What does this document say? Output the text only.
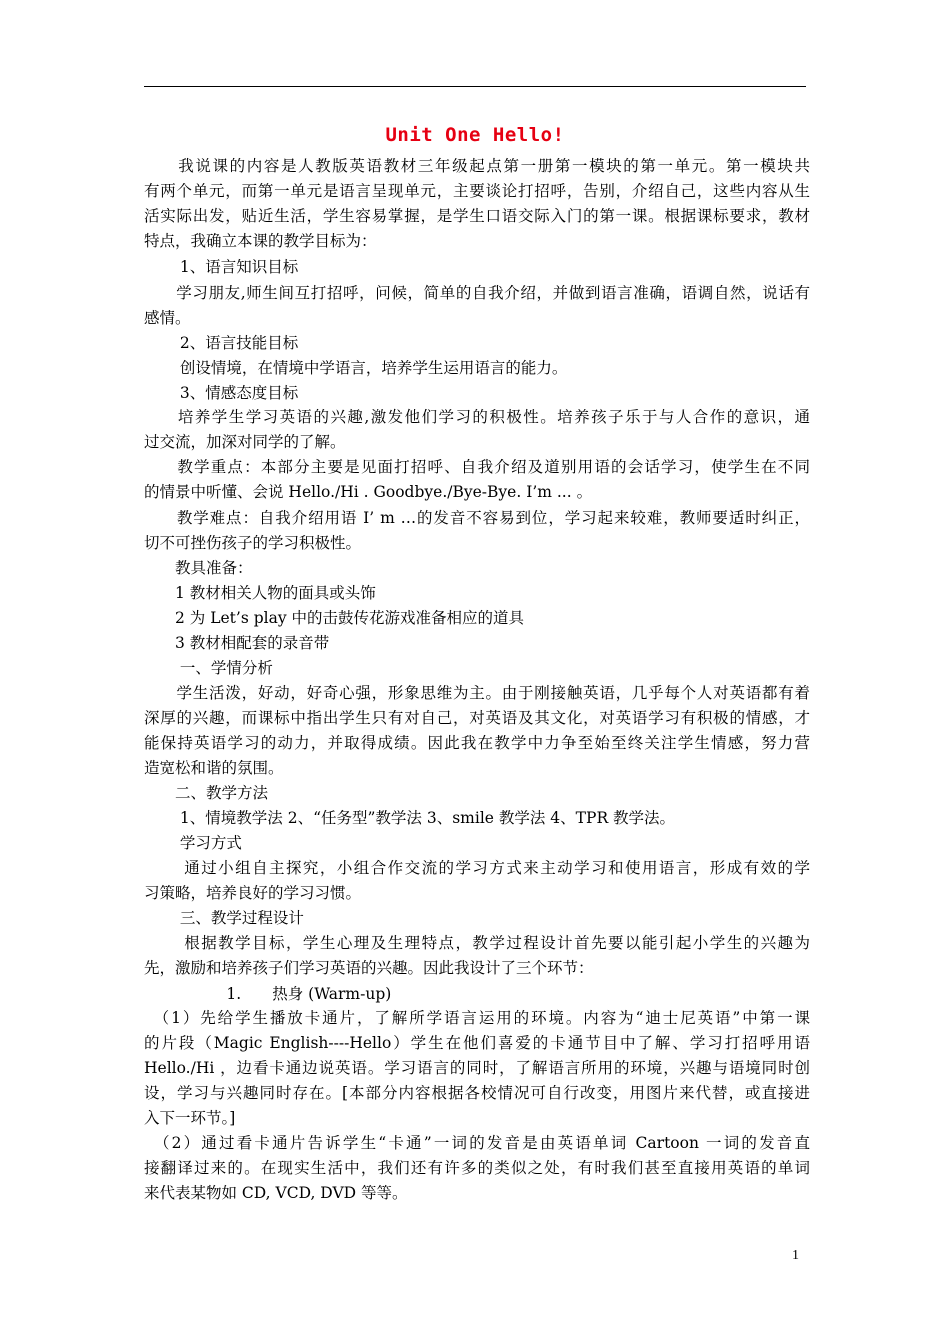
Unit One Hello!
　　我说课的内容是人教版英语教材三年级起点第一册第一模块的第一单元。第一模块共
有两个单元，而第一单元是语言呈现单元，主要谈论打招呼，告别，介绍自己，这些内容从生
活实际出发，贴近生活，学生容易掌握，是学生口语交际入门的第一课。根据课标要求，教材
特点，我确立本课的教学目标为：
　　 1、语言知识目标
　　学习朋友,师生间互打招呼，问候，简单的自我介绍，并做到语言准确，语调自然，说话有
感情。
　　 2、语言技能目标
　　 创设情境，在情境中学语言，培养学生运用语言的能力。
　　 3、情感态度目标
　　培养学生学习英语的兴趣,激发他们学习的积极性。培养孩子乐于与人合作的意识，通
过交流，加深对同学的了解。
　　教学重点：本部分主要是见面打招呼、自我介绍及道别用语的会话学习，使学生在不同
的情景中听懂、会说 Hello./Hi . Goodbye./Bye-Bye. I’m ... 。
　　教学难点：自我介绍用语 I’ m …的发音不容易到位，学习起来较难，教师要适时纠正，
切不可挫伤孩子的学习积极性。
　　教具准备：
　　1 教材相关人物的面具或头饰
　　2 为 Let’s play 中的击鼓传花游戏准备相应的道具
　　3 教材相配套的录音带
　　 一、学情分析
　　学生活泼，好动，好奇心强，形象思维为主。由于刚接触英语，几乎每个人对英语都有着
深厚的兴趣，而课标中指出学生只有对自己，对英语及其文化，对英语学习有积极的情感，才
能保持英语学习的动力，并取得成绩。因此我在教学中力争至始至终关注学生情感，努力营
造宽松和谐的氛围。
　　二、教学方法
　　 1、情境教学法 2、“任务型”教学法 3、smile 教学法 4、TPR 教学法。
　　 学习方式
　　 通过小组自主探究，小组合作交流的学习方式来主动学习和使用语言，形成有效的学
习策略，培养良好的学习习惯。
　　 三、教学过程设计
　　 根据教学目标，学生心理及生理特点，教学过程设计首先要以能引起小学生的兴趣为
先，激励和培养孩子们学习英语的兴趣。因此我设计了三个环节：
　　　　　 1.　　热身 (Warm-up)
　（1）先给学生播放卡通片，了解所学语言运用的环境。内容为“迪士尼英语”中第一课
的片段（Magic English----Hello）学生在他们喜爱的卡通节目中了解、学习打招呼用语
Hello./Hi ，边看卡通边说英语。学习语言的同时，了解语言所用的环境，兴趣与语境同时创
设，学习与兴趣同时存在。[本部分内容根据各校情况可自行改变，用图片来代替，或直接进
入下一环节。]
　（2）通过看卡通片告诉学生“卡通”一词的发音是由英语单词 Cartoon 一词的发音直
接翻译过来的。在现实生活中，我们还有许多的类似之处，有时我们甚至直接用英语的单词
来代表某物如 CD, VCD, DVD 等等。
1
